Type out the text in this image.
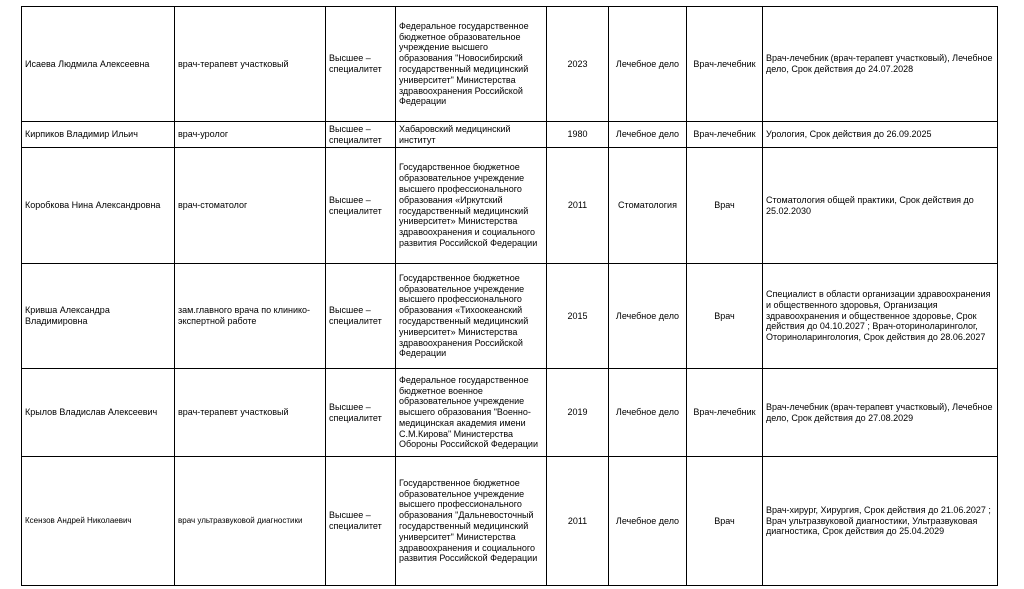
Исаева Людмила Алексеевна	врач-терапевт участковый	Высшее – специалитет	Федеральное государственное бюджетное образовательное учреждение высшего образования "Новосибирский государственный медицинский университет" Министерства здравоохранения Российской Федерации	2023	Лечебное дело	Врач-лечебник	Врач-лечебник (врач-терапевт участковый), Лечебное дело, Срок действия до 24.07.2028
Кирпиков Владимир Ильич	врач-уролог	Высшее – специалитет	Хабаровский медицинский институт	1980	Лечебное дело	Врач-лечебник	Урология, Срок действия до 26.09.2025
Коробкова Нина Александровна	врач-стоматолог	Высшее – специалитет	Государственное бюджетное образовательное учреждение высшего профессионального образования «Иркутский государственный медицинский университет» Министерства здравоохранения и социального развития Российской Федерации	2011	Стоматология	Врач	Стоматология общей практики, Срок действия до 25.02.2030
Крившa Александра Владимировна	зам.главного врача по клинико-экспертной работе	Высшее – специалитет	Государственное бюджетное образовательное учреждение высшего профессионального образования «Тихоокеанский государственный медицинский университет» Министерства здравоохранения Российской Федерации	2015	Лечебное дело	Врач	Специалист в области организации здравоохранения и общественного здоровья, Организация здравоохранения и общественное здоровье, Срок действия до 04.10.2027 ; Врач-оториноларинголог, Оториноларингология, Срок действия до 28.06.2027
Крылов Владислав Алексеевич	врач-терапевт участковый	Высшее – специалитет	Федеральное государственное бюджетное военное образовательное учреждение высшего образования "Военно-медицинская академия имени С.М.Кирова" Министерства Обороны Российской Федерации	2019	Лечебное дело	Врач-лечебник	Врач-лечебник (врач-терапевт участковый), Лечебное дело, Срок действия до 27.08.2029
Ксензов Андрей Николаевич	врач ультразвуковой диагностики	Высшее – специалитет	Государственное бюджетное образовательное учреждение высшего профессионального образования "Дальневосточный государственный медицинский университет" Министерства здравоохранения и социального развития Российской Федерации	2011	Лечебное дело	Врач	Врач-хирург, Хирургия, Срок действия до 21.06.2027 ; Врач ультразвуковой диагностики, Ультразвуковая диагностика, Срок действия до 25.04.2029
